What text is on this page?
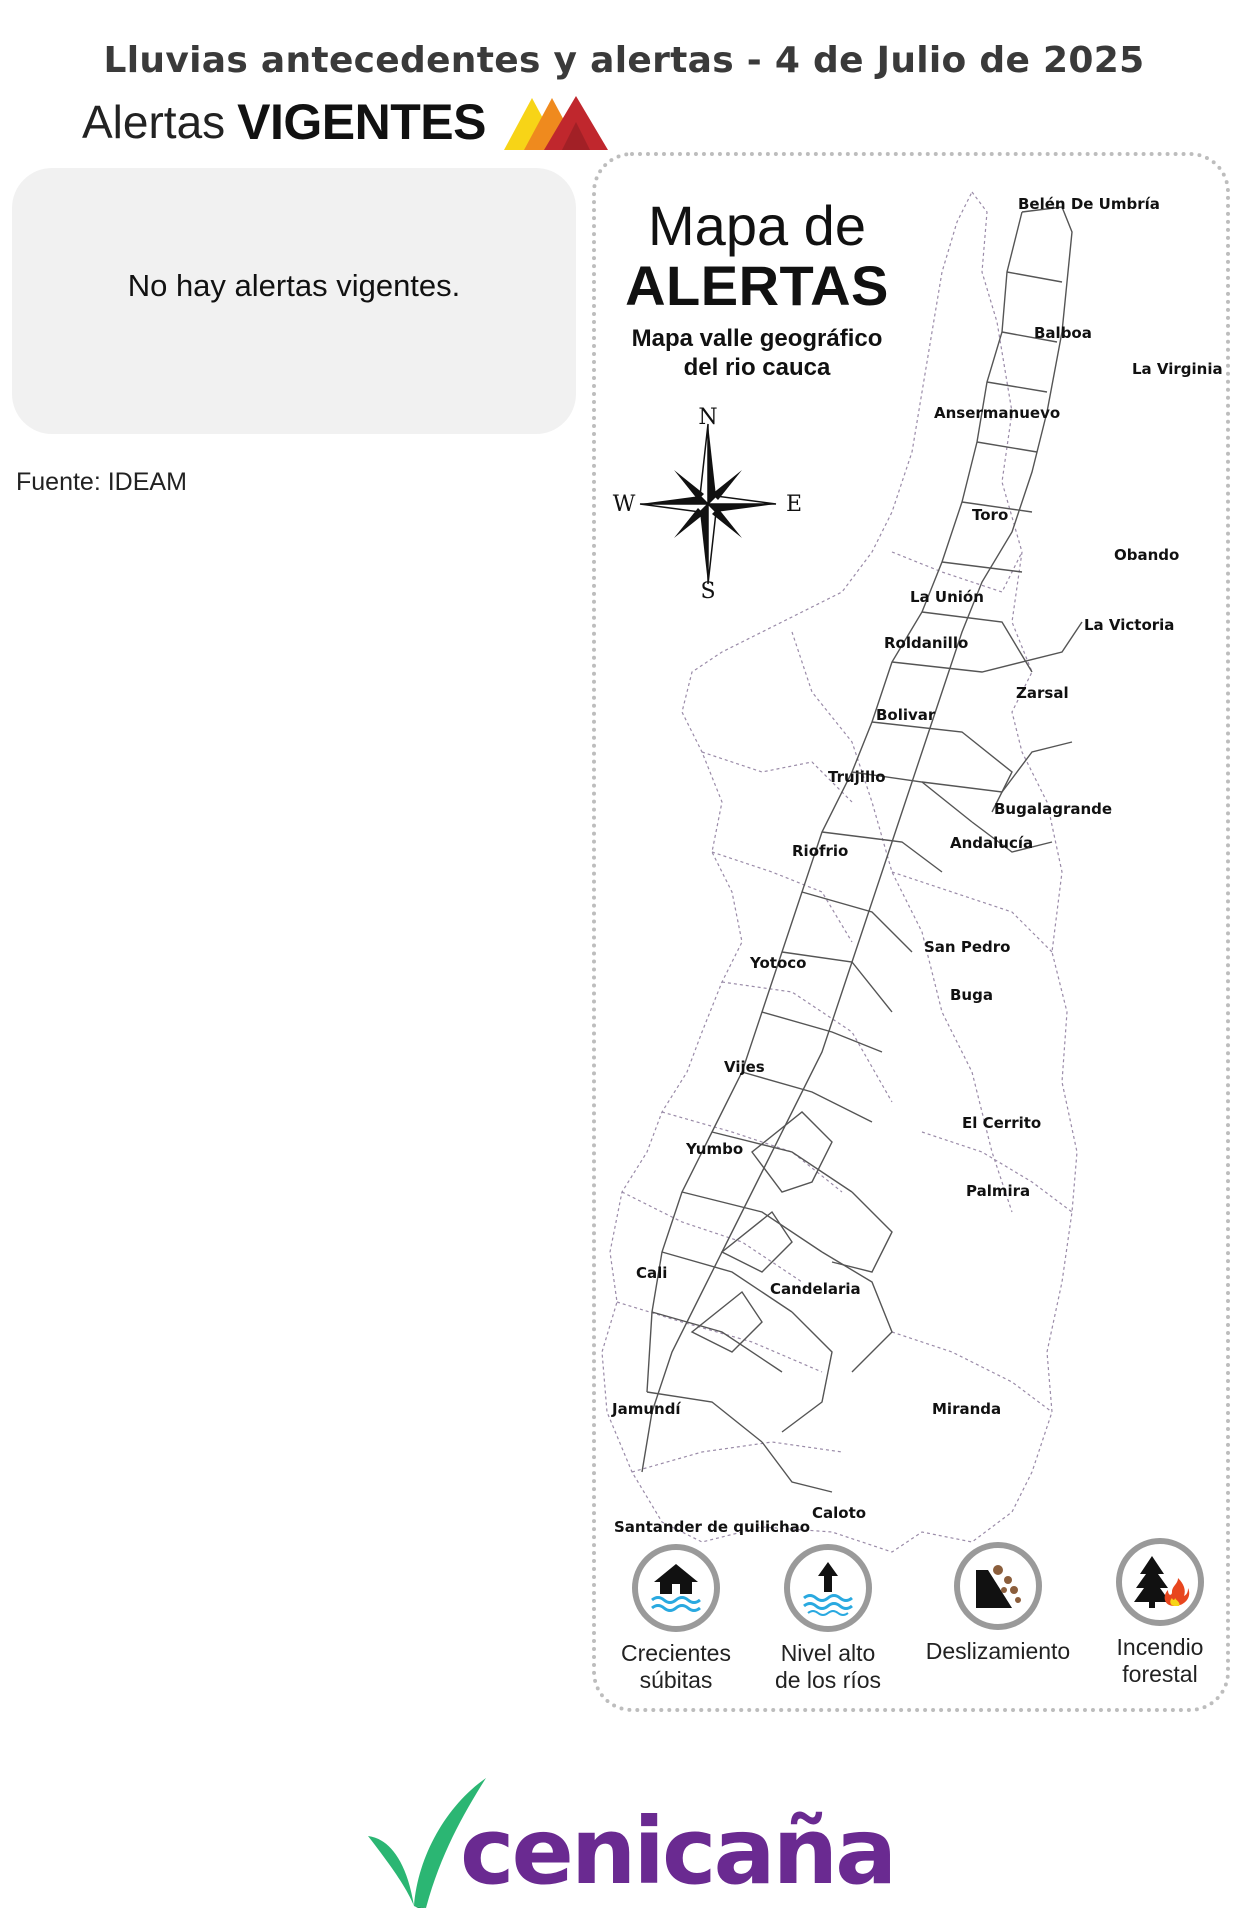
Lluvias antecedentes y alertas - 4 de Julio de 2025
Alertas VIGENTES
No hay alertas vigentes.
Fuente: IDEAM
Mapa de
ALERTAS
Mapa valle geográfico
del rio cauca
N
S
E
W
Belén De Umbría
Balboa
La Virginia
Ansermanuevo
Toro
Obando
La Unión
La Victoria
Roldanillo
Zarsal
Bolivar
Trujillo
Bugalagrande
Andalucía
Riofrio
San Pedro
Yotoco
Buga
Vijes
El Cerrito
Yumbo
Palmira
Cali
Candelaria
Jamundí	Miranda
Caloto
Santander de quilichao
Crecientes
súbitas
Nivel alto
de los ríos
Deslizamiento	Incendio
forestal
cenicaña
